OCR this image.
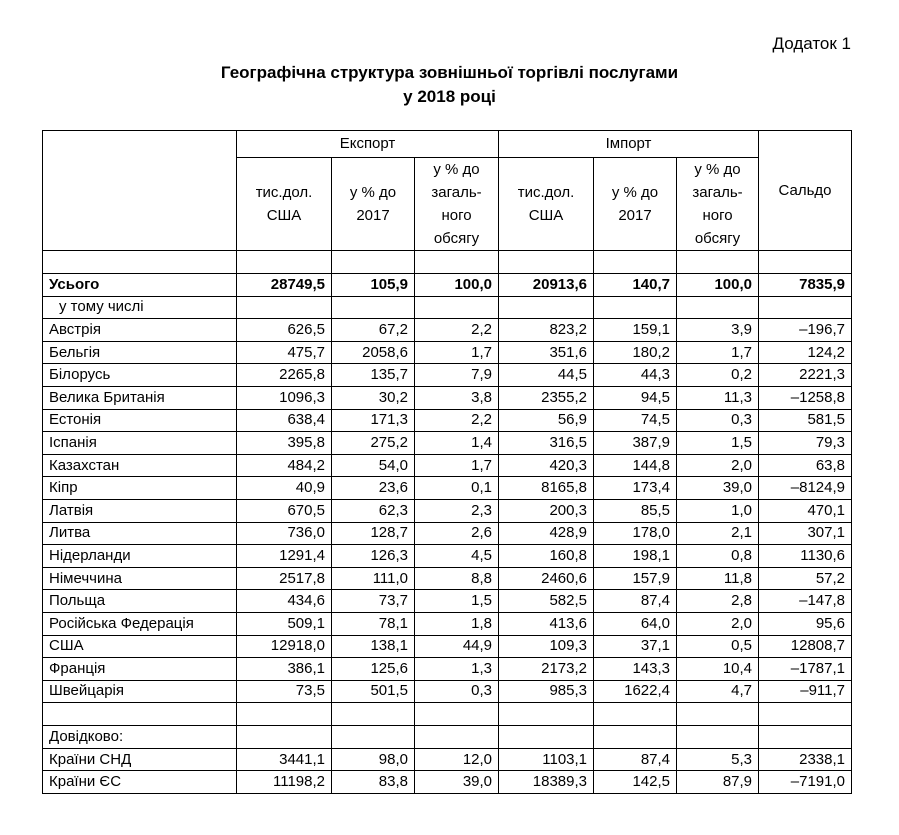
Додаток 1
Географічна структура зовнішньої торгівлі послугами
у 2018 році
	Експорт			Імпорт			Сальдо
	тис.дол. США	у % до 2017	у % до загаль-ного обсягу	тис.дол. США	у % до 2017	у % до загаль-ного обсягу	

Усього	28749,5	105,9	100,0	20913,6	140,7	100,0	7835,9
у тому числі							
Австрія	626,5	67,2	2,2	823,2	159,1	3,9	–196,7
Бельгія	475,7	2058,6	1,7	351,6	180,2	1,7	124,2
Білорусь	2265,8	135,7	7,9	44,5	44,3	0,2	2221,3
Велика Британія	1096,3	30,2	3,8	2355,2	94,5	11,3	–1258,8
Естонія	638,4	171,3	2,2	56,9	74,5	0,3	581,5
Іспанія	395,8	275,2	1,4	316,5	387,9	1,5	79,3
Казахстан	484,2	54,0	1,7	420,3	144,8	2,0	63,8
Кіпр	40,9	23,6	0,1	8165,8	173,4	39,0	–8124,9
Латвія	670,5	62,3	2,3	200,3	85,5	1,0	470,1
Литва	736,0	128,7	2,6	428,9	178,0	2,1	307,1
Нідерланди	1291,4	126,3	4,5	160,8	198,1	0,8	1130,6
Німеччина	2517,8	111,0	8,8	2460,6	157,9	11,8	57,2
Польща	434,6	73,7	1,5	582,5	87,4	2,8	–147,8
Російська Федерація	509,1	78,1	1,8	413,6	64,0	2,0	95,6
США	12918,0	138,1	44,9	109,3	37,1	0,5	12808,7
Франція	386,1	125,6	1,3	2173,2	143,3	10,4	–1787,1
Швейцарія	73,5	501,5	0,3	985,3	1622,4	4,7	–911,7

Довідково:							
Країни СНД	3441,1	98,0	12,0	1103,1	87,4	5,3	2338,1
Країни ЄС	11198,2	83,8	39,0	18389,3	142,5	87,9	–7191,0
